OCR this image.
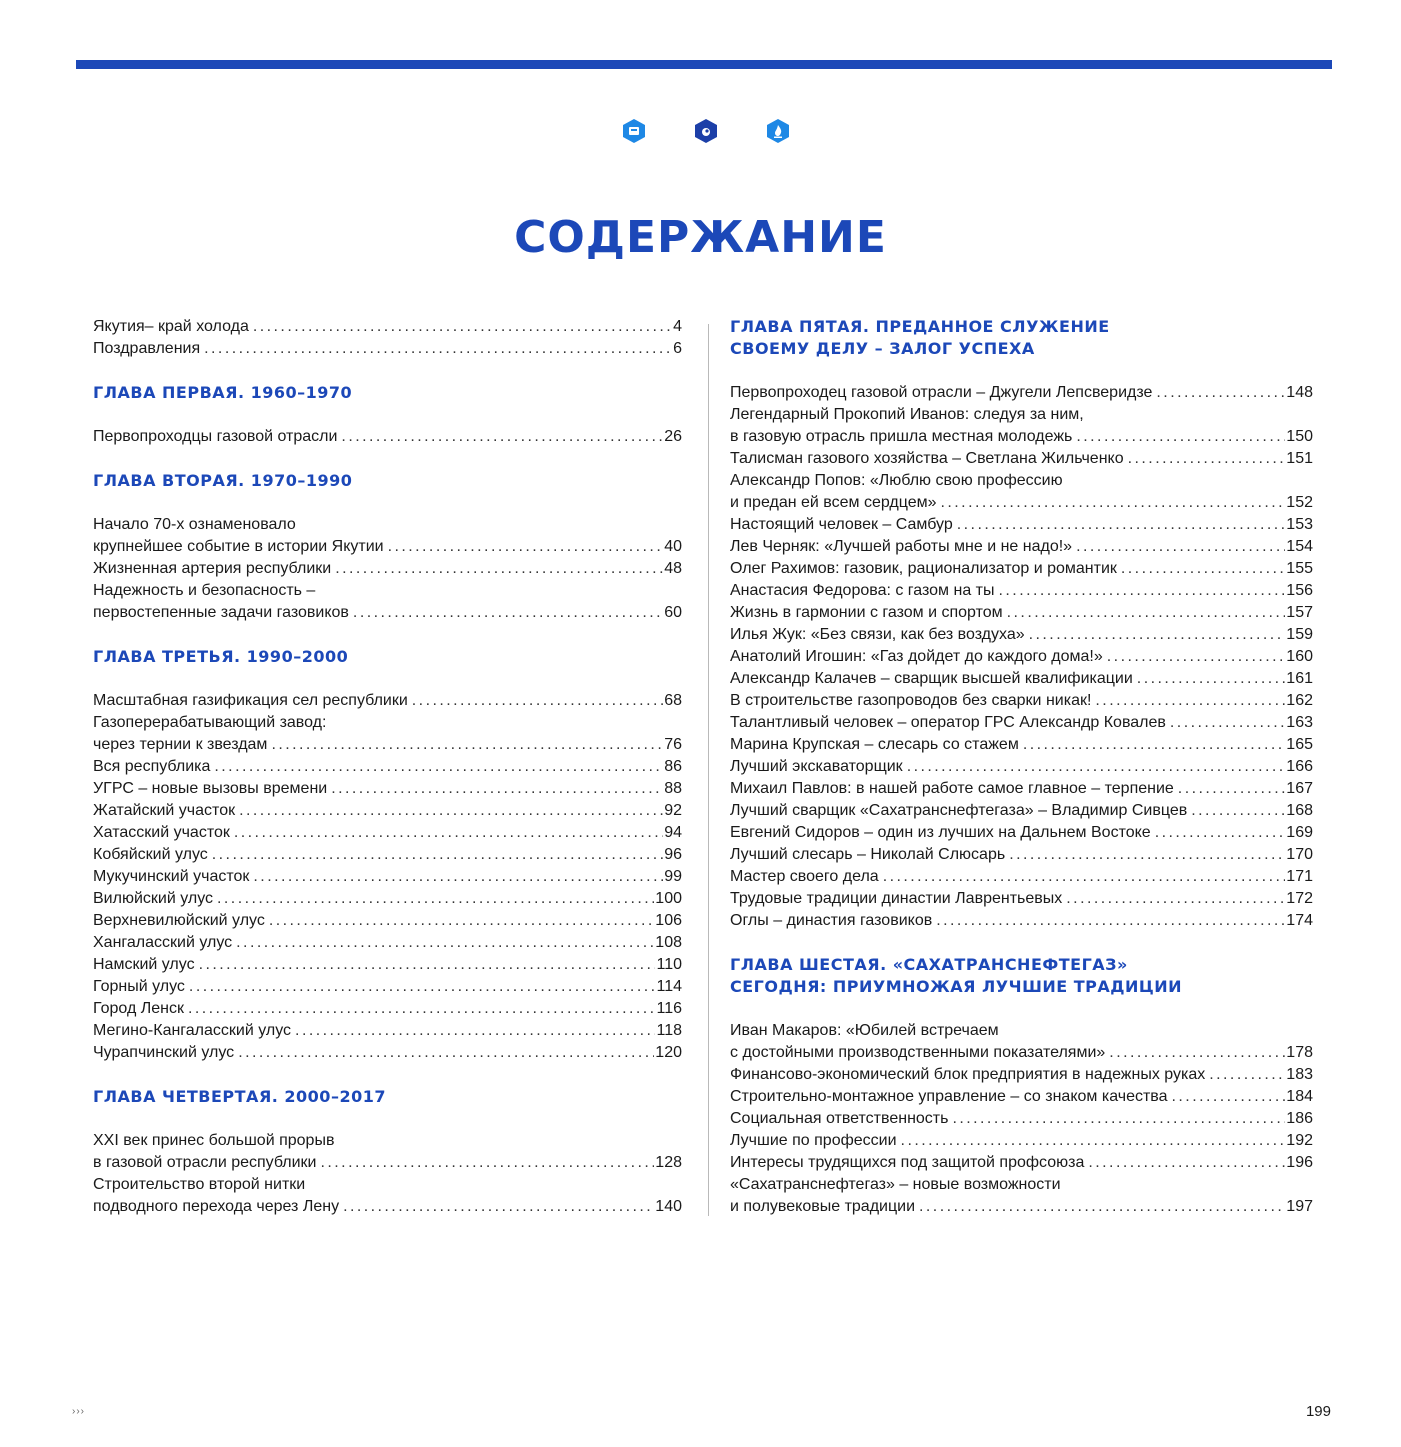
СОДЕРЖАНИЕ
Якутия– край холода . . .	4
Поздравления . . .	6
ГЛАВА ПЕРВАЯ. 1960–1970
Первопроходцы газовой отрасли . . .	26
ГЛАВА ВТОРАЯ. 1970–1990
Начало 70-х ознаменовало
крупнейшее событие в истории Якутии . . .	40
Жизненная артерия республики . . .	48
Надежность и безопасность –
первостепенные задачи газовиков . . .	60
ГЛАВА ТРЕТЬЯ. 1990–2000
Масштабная газификация сел республики . . .	68
Газоперерабатывающий завод:
через тернии к звездам . . .	76
Вся республика . . .	86
УГРС – новые вызовы времени . . .	88
Жатайский участок . . .	92
Хатасский участок . . .	94
Кобяйский улус . . .	96
Мукучинский участок . . .	99
Вилюйский улус . . .	100
Верхневилюйский улус . . .	106
Хангаласский улус . . .	108
Намский улус . . .	110
Горный улус . . .	114
Город Ленск . . .	116
Мегино-Кангаласский улус . . .	118
Чурапчинский улус . . .	120
ГЛАВА ЧЕТВЕРТАЯ. 2000–2017
XXI век принес большой прорыв
в газовой отрасли республики . . .	128
Строительство второй нитки
подводного перехода через Лену . . .	140
ГЛАВА ПЯТАЯ. ПРЕДАННОЕ СЛУЖЕНИЕ
СВОЕМУ ДЕЛУ – ЗАЛОГ УСПЕХА
Первопроходец газовой отрасли – Джугели Лепсверидзе . . .	148
Легендарный Прокопий Иванов: следуя за ним,
в газовую отрасль пришла местная молодежь . . .	150
Талисман газового хозяйства – Светлана Жильченко . . .	151
Александр Попов: «Люблю свою профессию
и предан ей всем сердцем» . . .	152
Настоящий человек – Самбур . . .	153
Лев Черняк: «Лучшей работы мне и не надо!» . . .	154
Олег Рахимов: газовик, рационализатор и романтик . . .	155
Анастасия Федорова: с газом на ты . . .	156
Жизнь в гармонии с газом и спортом . . .	157
Илья Жук: «Без связи, как без воздуха» . . .	159
Анатолий Игошин: «Газ дойдет до каждого дома!» . . .	160
Александр Калачев – сварщик высшей квалификации . . .	161
В строительстве газопроводов без сварки никак! . . .	162
Талантливый человек – оператор ГРС Александр Ковалев . . .	163
Марина Крупская – слесарь со стажем . . .	165
Лучший экскаваторщик . . .	166
Михаил Павлов: в нашей работе самое главное – терпение . . .	167
Лучший сварщик «Сахатранснефтегаза» – Владимир Сивцев . . .	168
Евгений Сидоров – один из лучших на Дальнем Востоке . . .	169
Лучший слесарь – Николай Слюсарь . . .	170
Мастер своего дела . . .	171
Трудовые традиции династии Лаврентьевых . . .	172
Оглы – династия газовиков . . .	174
ГЛАВА ШЕСТАЯ. «САХАТРАНСНЕФТЕГАЗ»
СЕГОДНЯ: ПРИУМНОЖАЯ ЛУЧШИЕ ТРАДИЦИИ
Иван Макаров: «Юбилей встречаем
с достойными производственными показателями» . . .	178
Финансово-экономический блок предприятия в надежных руках . . .	183
Строительно-монтажное управление – со знаком качества . . .	184
Социальная ответственность . . .	186
Лучшие по профессии . . .	192
Интересы трудящихся под защитой профсоюза . . .	196
«Сахатранснефтегаз» – новые возможности
и полувековые традиции . . .	197
›››	199
